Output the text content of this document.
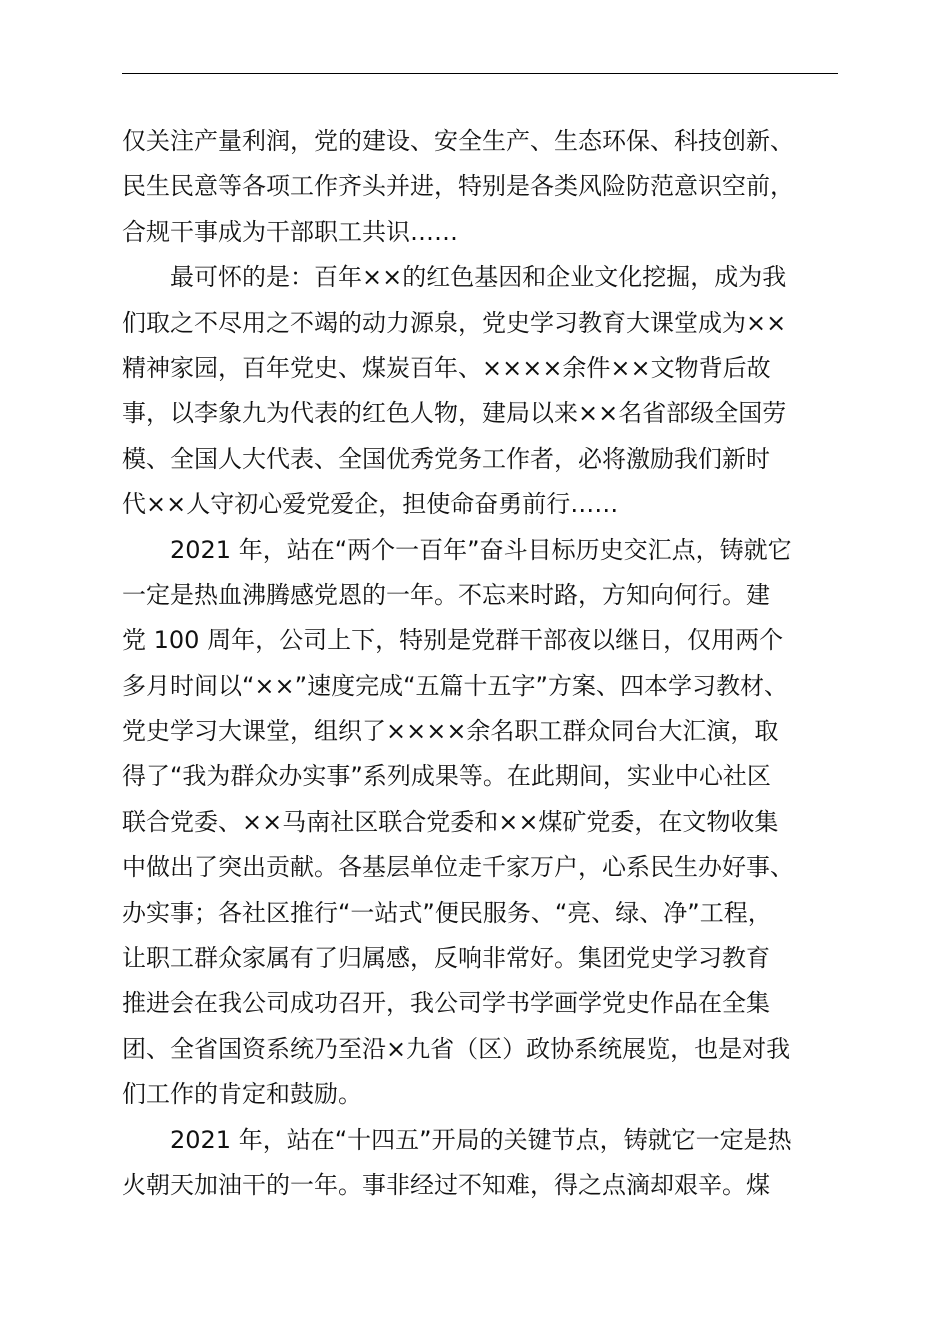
仅关注产量利润，党的建设、安全生产、生态环保、科技创新、
民生民意等各项工作齐头并进，特别是各类风险防范意识空前，
合规干事成为干部职工共识……
最可怀的是：百年××的红色基因和企业文化挖掘，成为我
们取之不尽用之不竭的动力源泉，党史学习教育大课堂成为××
精神家园，百年党史、煤炭百年、××××余件××文物背后故
事，以李象九为代表的红色人物，建局以来××名省部级全国劳
模、全国人大代表、全国优秀党务工作者，必将激励我们新时
代××人守初心爱党爱企，担使命奋勇前行……
2021 年，站在“两个一百年”奋斗目标历史交汇点，铸就它
一定是热血沸腾感党恩的一年。不忘来时路，方知向何行。建
党 100 周年，公司上下，特别是党群干部夜以继日，仅用两个
多月时间以“××”速度完成“五篇十五字”方案、四本学习教材、
党史学习大课堂，组织了××××余名职工群众同台大汇演，取
得了“我为群众办实事”系列成果等。在此期间，实业中心社区
联合党委、××马南社区联合党委和××煤矿党委，在文物收集
中做出了突出贡献。各基层单位走千家万户，心系民生办好事、
办实事；各社区推行“一站式”便民服务、“亮、绿、净”工程，
让职工群众家属有了归属感，反响非常好。集团党史学习教育
推进会在我公司成功召开，我公司学书学画学党史作品在全集
团、全省国资系统乃至沿×九省（区）政协系统展览，也是对我
们工作的肯定和鼓励。
2021 年，站在“十四五”开局的关键节点，铸就它一定是热
火朝天加油干的一年。事非经过不知难，得之点滴却艰辛。煤
